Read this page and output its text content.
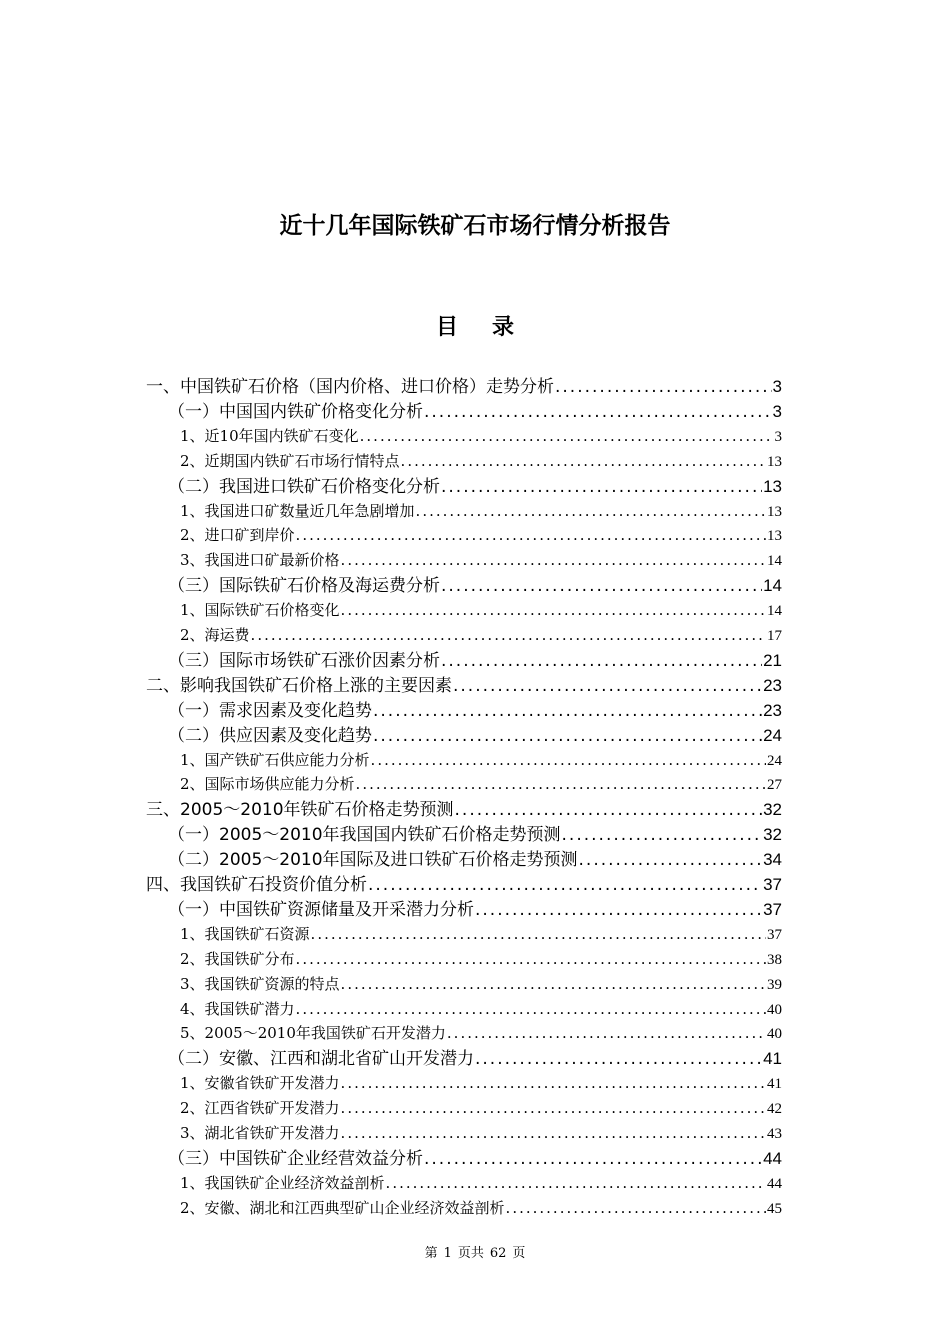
近十几年国际铁矿石市场行情分析报告
目录
一、中国铁矿石价格（国内价格、进口价格）走势分析 .....	3
（一）中国国内铁矿价格变化分析 .....	3
1、近10年国内铁矿石变化 .....	3
2、近期国内铁矿石市场行情特点 .....	13
（二）我国进口铁矿石价格变化分析 .....	13
1、我国进口矿数量近几年急剧增加 .....	13
2、进口矿到岸价 .....	13
3、我国进口矿最新价格 .....	14
（三）国际铁矿石价格及海运费分析 .....	14
1、国际铁矿石价格变化 .....	14
2、海运费 .....	17
（三）国际市场铁矿石涨价因素分析 .....	21
二、影响我国铁矿石价格上涨的主要因素 .....	23
（一）需求因素及变化趋势 .....	23
（二）供应因素及变化趋势 .....	24
1、国产铁矿石供应能力分析 .....	24
2、国际市场供应能力分析 .....	27
三、2005～2010年铁矿石价格走势预测 .....	32
（一）2005～2010年我国国内铁矿石价格走势预测 .....	32
（二）2005～2010年国际及进口铁矿石价格走势预测 .....	34
四、我国铁矿石投资价值分析 .....	37
（一）中国铁矿资源储量及开采潜力分析 .....	37
1、我国铁矿石资源 .....	37
2、我国铁矿分布 .....	38
3、我国铁矿资源的特点 .....	39
4、我国铁矿潜力 .....	40
5、2005～2010年我国铁矿石开发潜力 .....	40
（二）安徽、江西和湖北省矿山开发潜力 .....	41
1、安徽省铁矿开发潜力 .....	41
2、江西省铁矿开发潜力 .....	42
3、湖北省铁矿开发潜力 .....	43
（三）中国铁矿企业经营效益分析 .....	44
1、我国铁矿企业经济效益剖析 .....	44
2、安徽、湖北和江西典型矿山企业经济效益剖析 .....	45
第 1 页共 62 页
